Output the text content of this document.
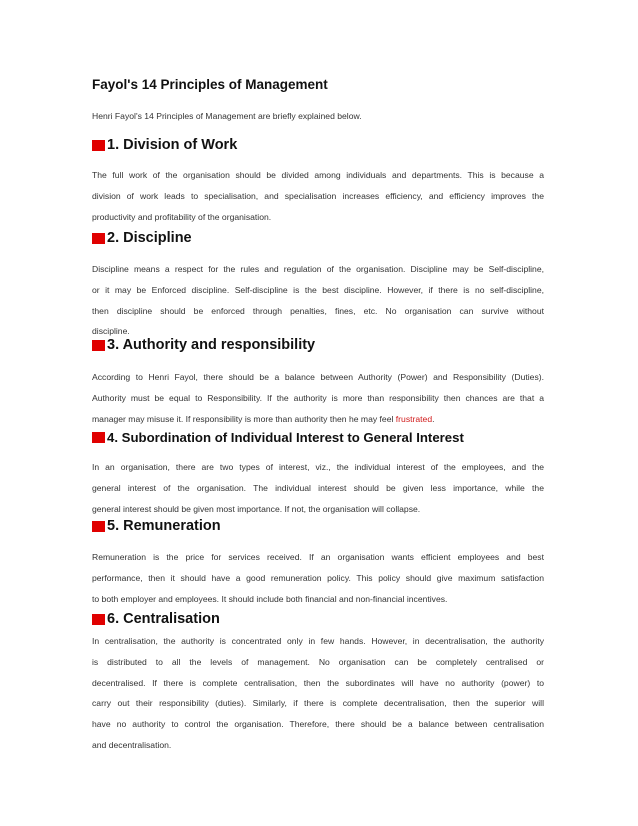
Fayol's 14 Principles of Management

Henri Fayol's 14 Principles of Management are briefly explained below.

1. Division of Work
The full work of the organisation should be divided among individuals and departments. This is because a
division of work leads to specialisation, and specialisation increases efficiency, and efficiency improves the
productivity and profitability of the organisation.
2. Discipline
Discipline means a respect for the rules and regulation of the organisation. Discipline may be Self-discipline,
or it may be Enforced discipline. Self-discipline is the best discipline. However, if there is no self-discipline,
then discipline should be enforced through penalties, fines, etc. No organisation can survive without
discipline.
3. Authority and responsibility
According to Henri Fayol, there should be a balance between Authority (Power) and Responsibility (Duties).
Authority must be equal to Responsibility. If the authority is more than responsibility then chances are that a
manager may misuse it. If responsibility is more than authority then he may feel frustrated.
4. Subordination of Individual Interest to General Interest
In an organisation, there are two types of interest, viz., the individual interest of the employees, and the
general interest of the organisation. The individual interest should be given less importance, while the
general interest should be given most importance. If not, the organisation will collapse.
5. Remuneration
Remuneration is the price for services received. If an organisation wants efficient employees and best
performance, then it should have a good remuneration policy. This policy should give maximum satisfaction
to both employer and employees. It should include both financial and non-financial incentives.
6. Centralisation
In centralisation, the authority is concentrated only in few hands. However, in decentralisation, the authority
is distributed to all the levels of management. No organisation can be completely centralised or
decentralised. If there is complete centralisation, then the subordinates will have no authority (power) to
carry out their responsibility (duties). Similarly, if there is complete decentralisation, then the superior will
have no authority to control the organisation. Therefore, there should be a balance between centralisation
and decentralisation.
